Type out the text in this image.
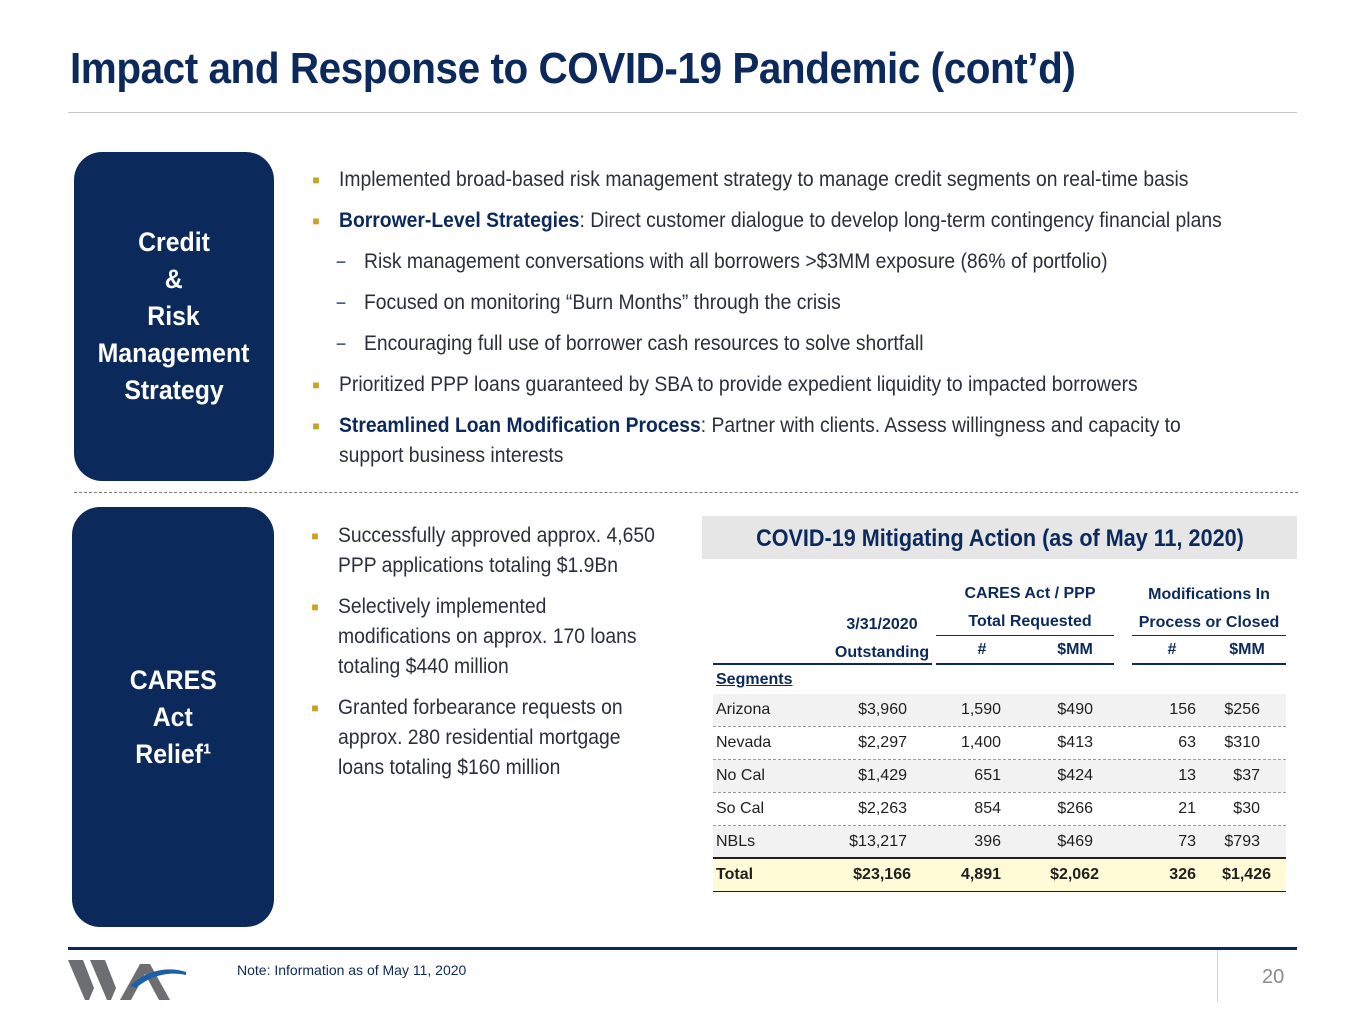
Impact and Response to COVID-19 Pandemic (cont’d)
Credit
&
Risk
Management
Strategy
■ Implemented broad-based risk management strategy to manage credit segments on real-time basis
■ Borrower-Level Strategies: Direct customer dialogue to develop long-term contingency financial plans
− Risk management conversations with all borrowers >$3MM exposure (86% of portfolio)
− Focused on monitoring “Burn Months” through the crisis
− Encouraging full use of borrower cash resources to solve shortfall
■ Prioritized PPP loans guaranteed by SBA to provide expedient liquidity to impacted borrowers
■ Streamlined Loan Modification Process: Partner with clients. Assess willingness and capacity to
support business interests
CARES
Act
Relief¹
■ Successfully approved approx. 4,650
PPP applications totaling $1.9Bn
■ Selectively implemented
modifications on approx. 170 loans
totaling $440 million
■ Granted forbearance requests on
approx. 280 residential mortgage
loans totaling $160 million
COVID-19 Mitigating Action (as of May 11, 2020)
CARES Act / PPP
Total Requested
Modifications In
Process or Closed
3/31/2020
Outstanding	#	$MM	#	$MM
Segments
Arizona	$3,960	1,590	$490	156	$256
Nevada	$2,297	1,400	$413	63	$310
No Cal	$1,429	651	$424	13	$37
So Cal	$2,263	854	$266	21	$30
NBLs	$13,217	396	$469	73	$793
Total	$23,166	4,891	$2,062	326	$1,426
Note: Information as of May 11, 2020	20
